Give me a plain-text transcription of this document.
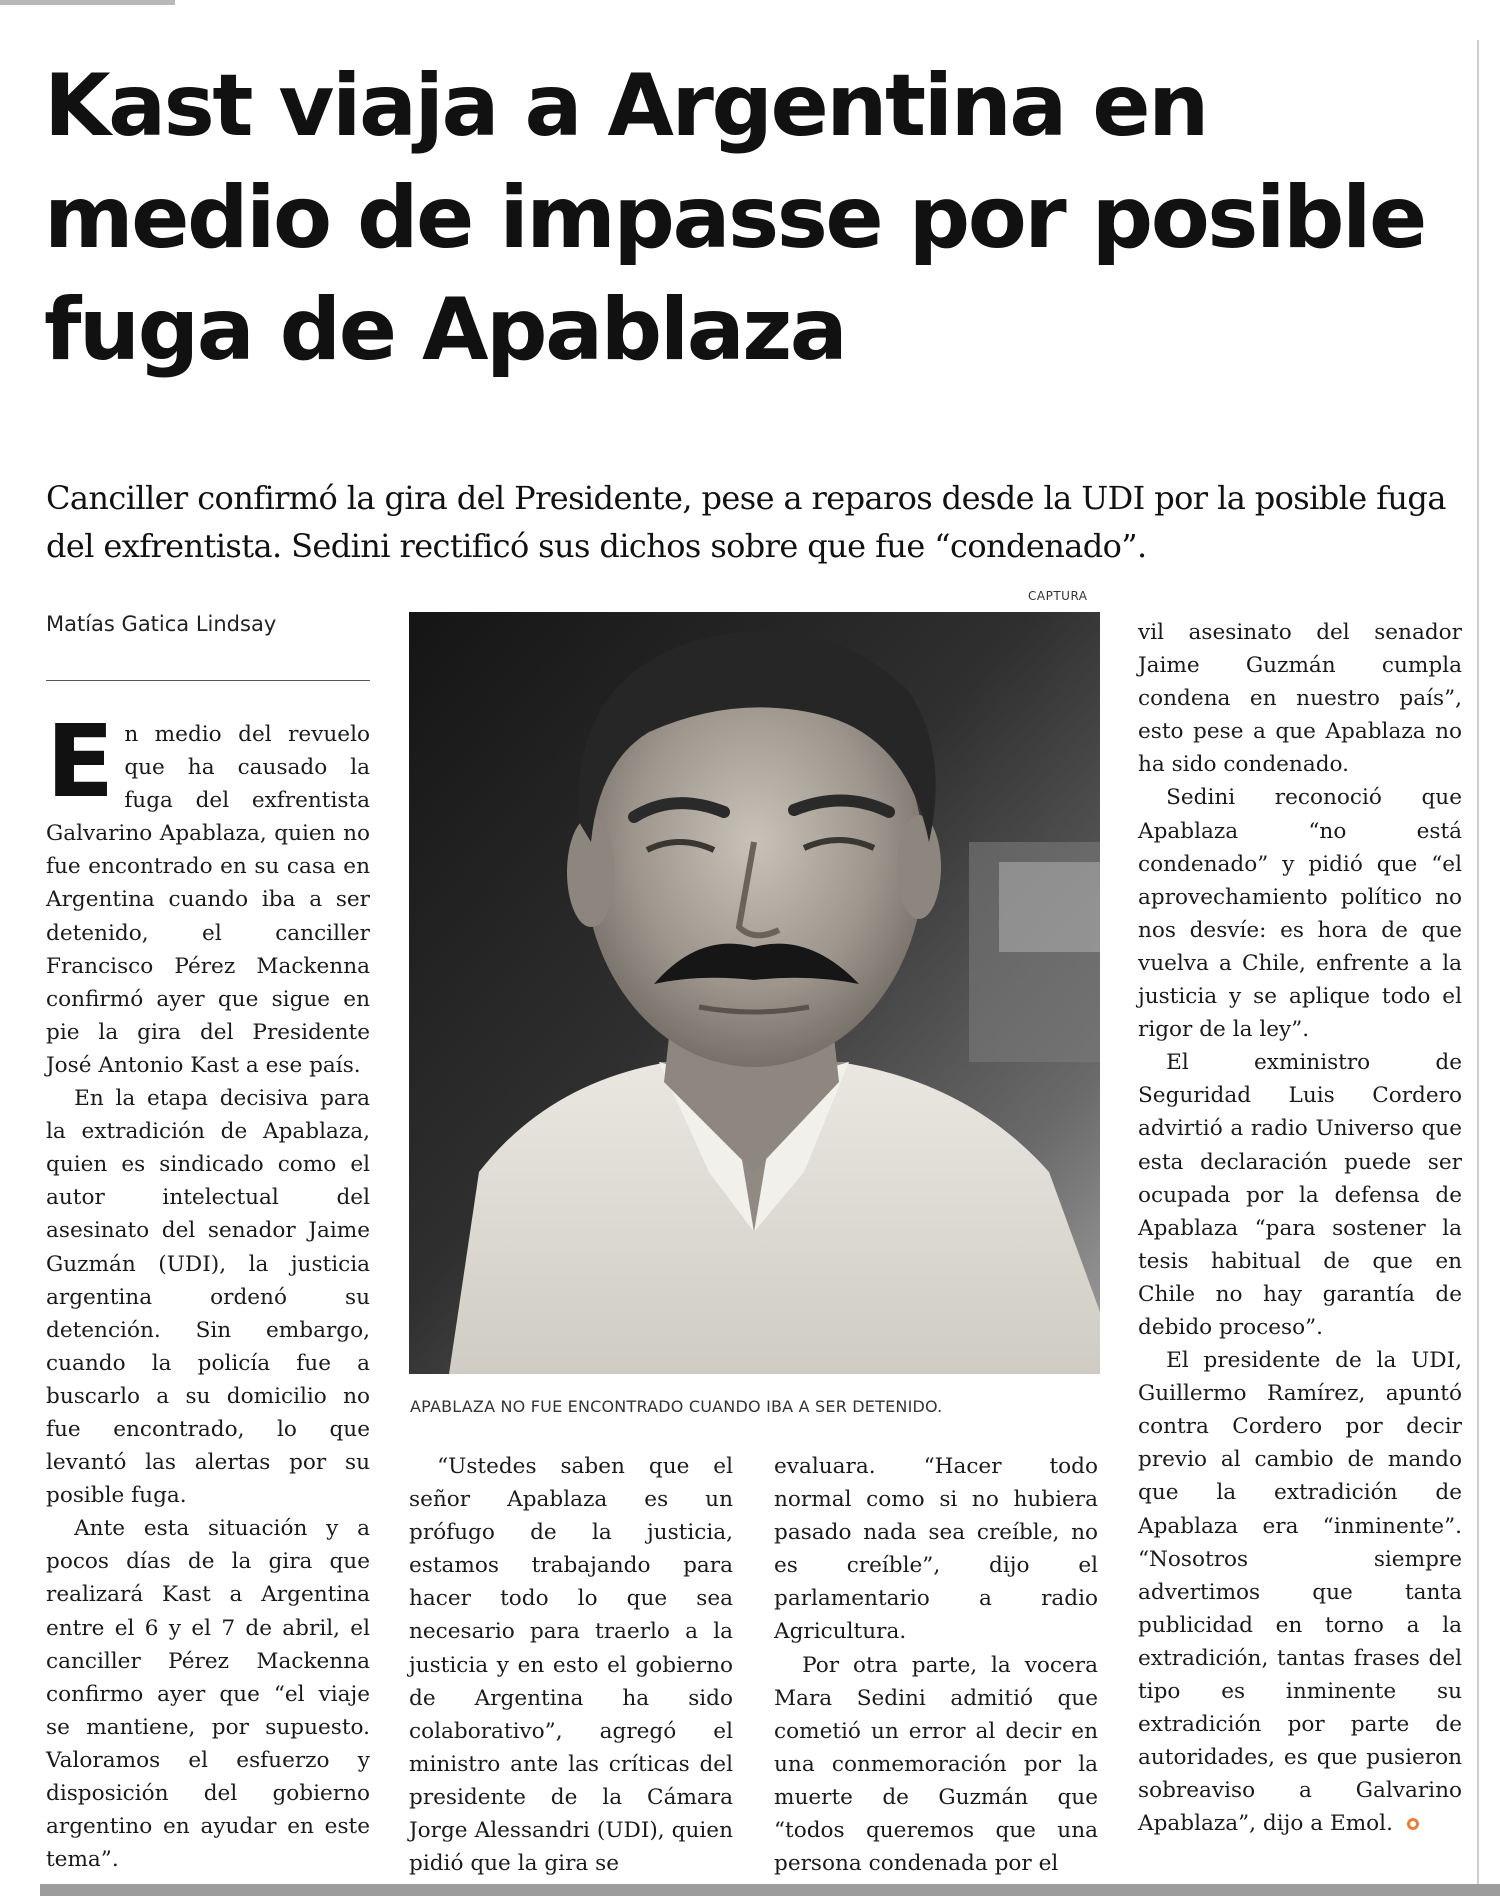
Kast viaja a Argentina en medio de impasse por posible fuga de Apablaza

Canciller confirmó la gira del Presidente, pese a reparos desde la UDI por la posible fuga del exfrentista. Sedini rectificó sus dichos sobre que fue “condenado”.

Matías Gatica Lindsay

En medio del revuelo que ha causado la fuga del exfrentista Galvarino Apablaza, quien no fue encontrado en su casa en Argentina cuando iba a ser detenido, el canciller Francisco Pérez Mackenna confirmó ayer que sigue en pie la gira del Presidente José Antonio Kast a ese país.

En la etapa decisiva para la extradición de Apablaza, quien es sindicado como el autor intelectual del asesinato del senador Jaime Guzmán (UDI), la justicia argentina ordenó su detención. Sin embargo, cuando la policía fue a buscarlo a su domicilio no fue encontrado, lo que levantó las alertas por su posible fuga.

Ante esta situación y a pocos días de la gira que realizará Kast a Argentina entre el 6 y el 7 de abril, el canciller Pérez Mackenna confirmo ayer que “el viaje se mantiene, por supuesto. Valoramos el esfuerzo y disposición del gobierno argentino en ayudar en este tema”.

CAPTURA
APABLAZA NO FUE ENCONTRADO CUANDO IBA A SER DETENIDO.

“Ustedes saben que el señor Apablaza es un prófugo de la justicia, estamos trabajando para hacer todo lo que sea necesario para traerlo a la justicia y en esto el gobierno de Argentina ha sido colaborativo”, agregó el ministro ante las críticas del presidente de la Cámara Jorge Alessandri (UDI), quien pidió que la gira se

evaluara. “Hacer todo normal como si no hubiera pasado nada sea creíble, no es creíble”, dijo el parlamentario a radio Agricultura.

Por otra parte, la vocera Mara Sedini admitió que cometió un error al decir en una conmemoración por la muerte de Guzmán que “todos queremos que una persona condenada por el

vil asesinato del senador Jaime Guzmán cumpla condena en nuestro país”, esto pese a que Apablaza no ha sido condenado.

Sedini reconoció que Apablaza “no está condenado” y pidió que “el aprovechamiento político no nos desvíe: es hora de que vuelva a Chile, enfrente a la justicia y se aplique todo el rigor de la ley”.

El exministro de Seguridad Luis Cordero advirtió a radio Universo que esta declaración puede ser ocupada por la defensa de Apablaza “para sostener la tesis habitual de que en Chile no hay garantía de debido proceso”.

El presidente de la UDI, Guillermo Ramírez, apuntó contra Cordero por decir previo al cambio de mando que la extradición de Apablaza era “inminente”. “Nosotros siempre advertimos que tanta publicidad en torno a la extradición, tantas frases del tipo es inminente su extradición por parte de autoridades, es que pusieron sobreaviso a Galvarino Apablaza”, dijo a Emol.
